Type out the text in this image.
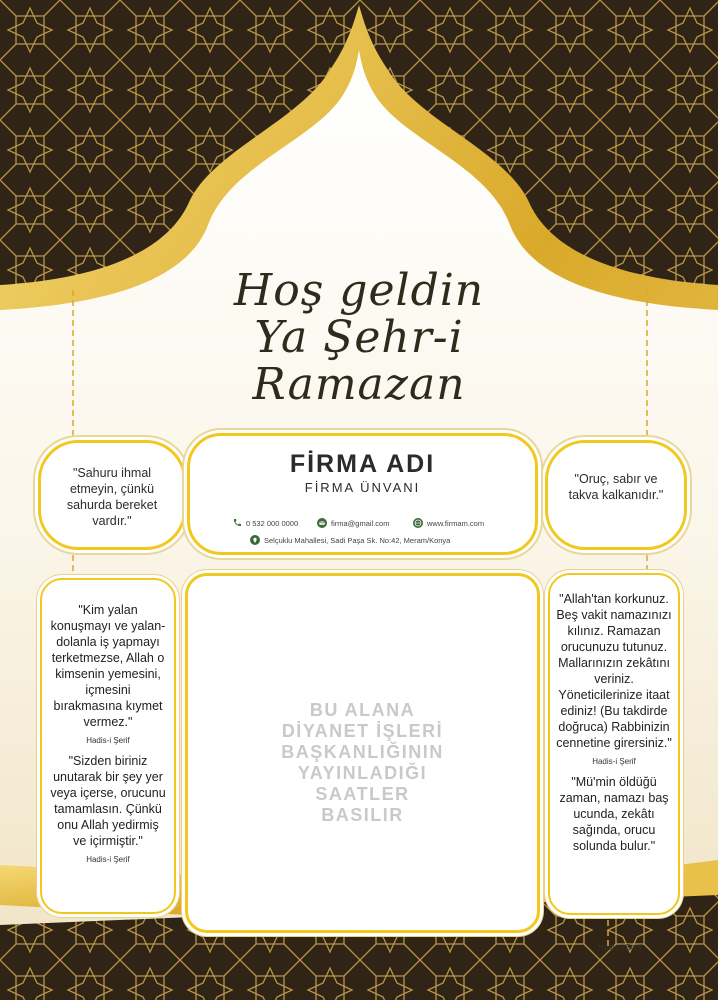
Hoş geldin
Ya Şehr-i
Ramazan
"Sahuru ihmal etmeyin, çünkü sahurda bereket vardır."
"Oruç, sabır ve takva kalkanıdır."
FİRMA ADI
FİRMA ÜNVANI
0 532 000 0000	firma@gmail.com	www.firmam.com
Selçuklu Mahallesi, Sadi Paşa Sk. No:42, Meram/Konya
"Kim yalan konuşmayı ve yalan-dolanla iş yapmayı terketmezse, Allah o kimsenin yemesini, içmesini bırakmasına kıymet vermez."
Hadis-i Şerif
"Sizden biriniz unutarak bir şey yer veya içerse, orucunu tamamlasın. Çünkü onu Allah yedirmiş ve içirmiştir."
Hadis-i Şerif
BU ALANA
DİYANET İŞLERİ
BAŞKANLIĞININ
YAYINLADIĞI
SAATLER
BASILIR
"Allah'tan korkunuz. Beş vakit namazınızı kılınız. Ramazan orucunuzu tutunuz. Mallarınızın zekâtını veriniz. Yöneticilerinize itaat ediniz! (Bu takdirde doğruca) Rabbinizin cennetine girersiniz."
Hadis-i Şerif
"Mü'min öldüğü zaman, namazı baş ucunda, zekâtı sağında, orucu solunda bulur."
Hadis-i Şerif
